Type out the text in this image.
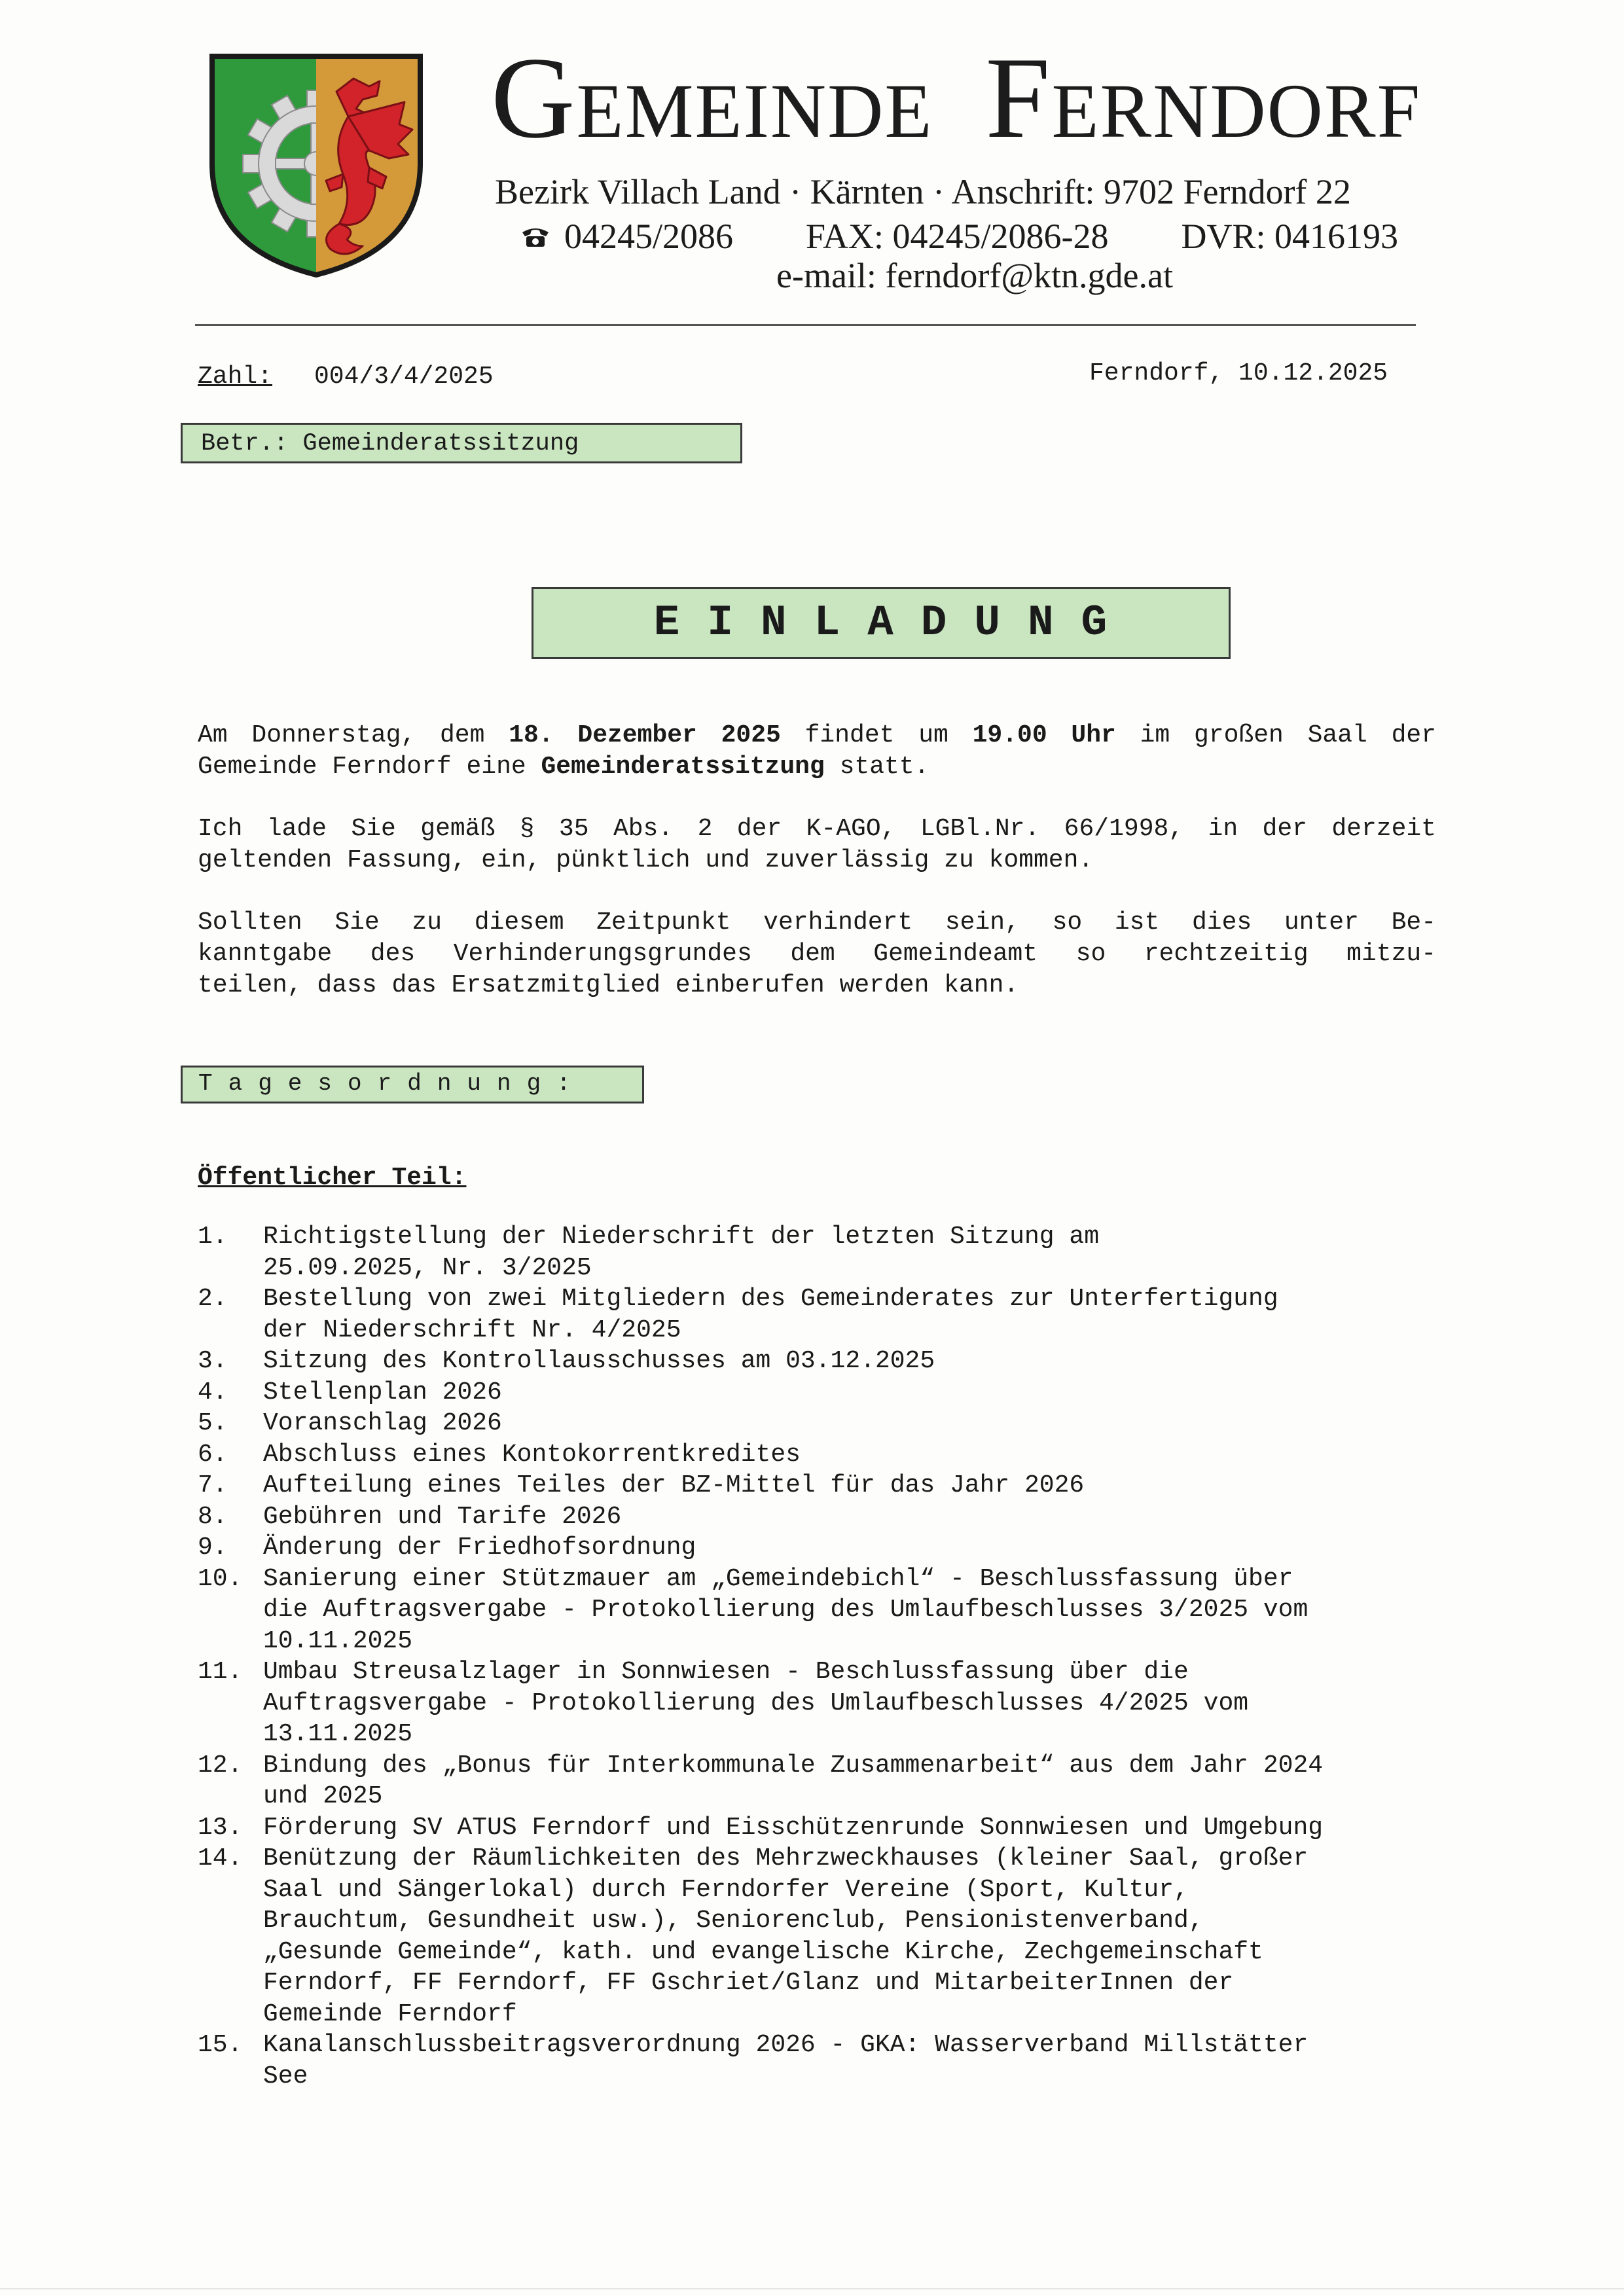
GEMEINDE FERNDORF
Bezirk Villach Land · Kärnten · Anschrift: 9702 Ferndorf 22
04245/2086 FAX: 04245/2086-28 DVR: 0416193
e-mail: ferndorf@ktn.gde.at
Zahl: 004/3/4/2025	Ferndorf, 10.12.2025
Betr.: Gemeinderatssitzung
EINLADUNG
Am Donnerstag, dem 18. Dezember 2025 findet um 19.00 Uhr im großen Saal der
Gemeinde Ferndorf eine Gemeinderatssitzung statt.
Ich lade Sie gemäß § 35 Abs. 2 der K-AGO, LGBl.Nr. 66/1998, in der derzeit
geltenden Fassung, ein, pünktlich und zuverlässig zu kommen.
Sollten Sie zu diesem Zeitpunkt verhindert sein, so ist dies unter Be-
kanntgabe des Verhinderungsgrundes dem Gemeindeamt so rechtzeitig mitzu-
teilen, dass das Ersatzmitglied einberufen werden kann.
Tagesordnung:
Öffentlicher Teil:
1.	Richtigstellung der Niederschrift der letzten Sitzung am
25.09.2025, Nr. 3/2025
2.	Bestellung von zwei Mitgliedern des Gemeinderates zur Unterfertigung
der Niederschrift Nr. 4/2025
3.	Sitzung des Kontrollausschusses am 03.12.2025
4.	Stellenplan 2026
5.	Voranschlag 2026
6.	Abschluss eines Kontokorrentkredites
7.	Aufteilung eines Teiles der BZ-Mittel für das Jahr 2026
8.	Gebühren und Tarife 2026
9.	Änderung der Friedhofsordnung
10. Sanierung einer Stützmauer am „Gemeindebichl“ - Beschlussfassung über
die Auftragsvergabe - Protokollierung des Umlaufbeschlusses 3/2025 vom
10.11.2025
11. Umbau Streusalzlager in Sonnwiesen - Beschlussfassung über die
Auftragsvergabe - Protokollierung des Umlaufbeschlusses 4/2025 vom
13.11.2025
12. Bindung des „Bonus für Interkommunale Zusammenarbeit“ aus dem Jahr 2024
und 2025
13. Förderung SV ATUS Ferndorf und Eisschützenrunde Sonnwiesen und Umgebung
14. Benützung der Räumlichkeiten des Mehrzweckhauses (kleiner Saal, großer
Saal und Sängerlokal) durch Ferndorfer Vereine (Sport, Kultur,
Brauchtum, Gesundheit usw.), Seniorenclub, Pensionistenverband,
„Gesunde Gemeinde“, kath. und evangelische Kirche, Zechgemeinschaft
Ferndorf, FF Ferndorf, FF Gschriet/Glanz und MitarbeiterInnen der
Gemeinde Ferndorf
15. Kanalanschlussbeitragsverordnung 2026 - GKA: Wasserverband Millstätter
See
